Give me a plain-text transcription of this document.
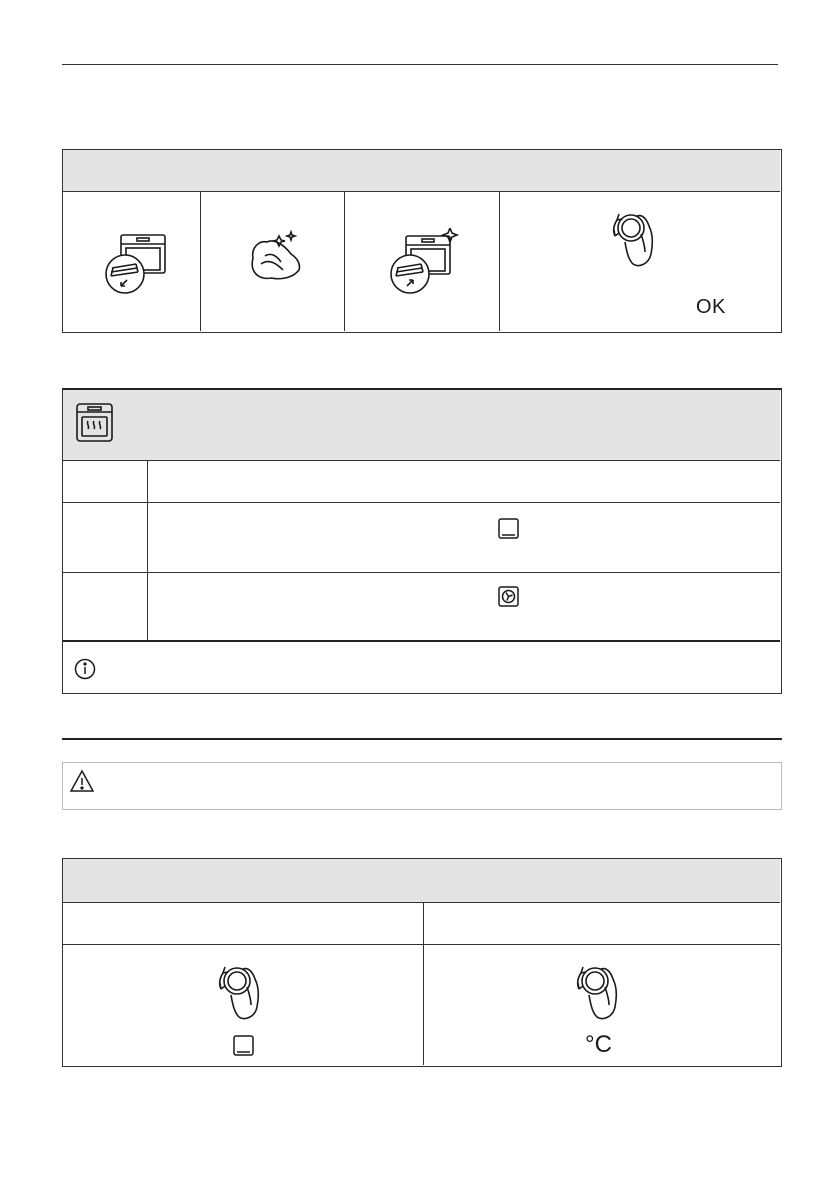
OK
°C
